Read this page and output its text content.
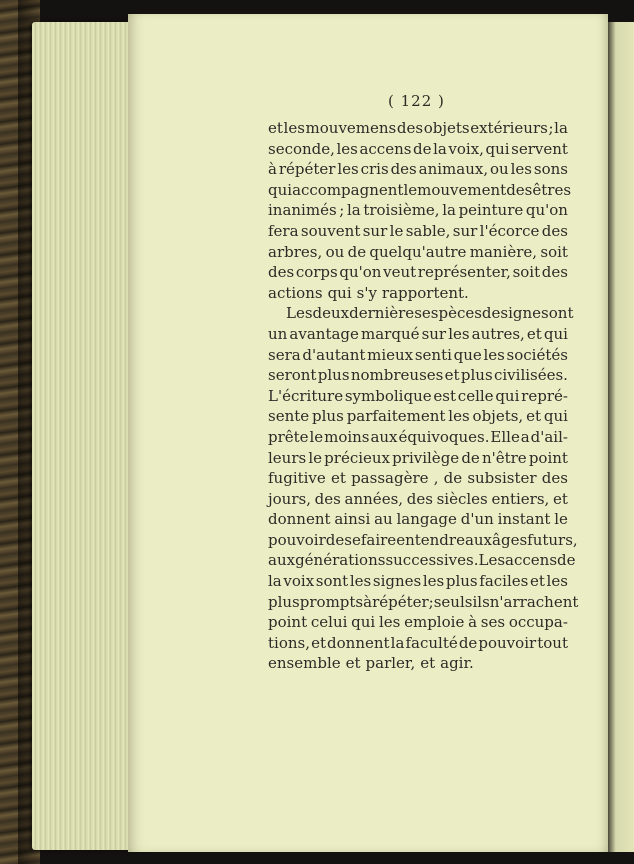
( 122 )
et les mouvemens des objets extérieurs ; la
seconde, les accens de la voix, qui servent
à répéter les cris des animaux, ou les sons
qui accompagnent le mouvement des êtres
inanimés ; la troisième, la peinture qu'on
fera souvent sur le sable, sur l'écorce des
arbres, ou de quelqu'autre manière, soit
des corps qu'on veut représenter, soit des
actions qui s'y rapportent.
Les deux dernières espèces de signes ont
un avantage marqué sur les autres, et qui
sera d'autant mieux senti que les sociétés
seront plus nombreuses et plus civilisées.
L'écriture symbolique est celle qui repré-
sente plus parfaitement les objets, et qui
prête le moins aux équivoques. Elle a d'ail-
leurs le précieux privilège de n'être point
fugitive et passagère , de subsister des
jours, des années, des siècles entiers, et
donnent ainsi au langage d'un instant le
pouvoir de se faire entendre aux âges futurs,
aux générations successives. Les accens de
la voix sont les signes les plus faciles et les
plus prompts à répéter; seuls ils n'arrachent
point celui qui les emploie à ses occupa-
tions, et donnent la faculté de pouvoir tout
ensemble et parler, et agir.
